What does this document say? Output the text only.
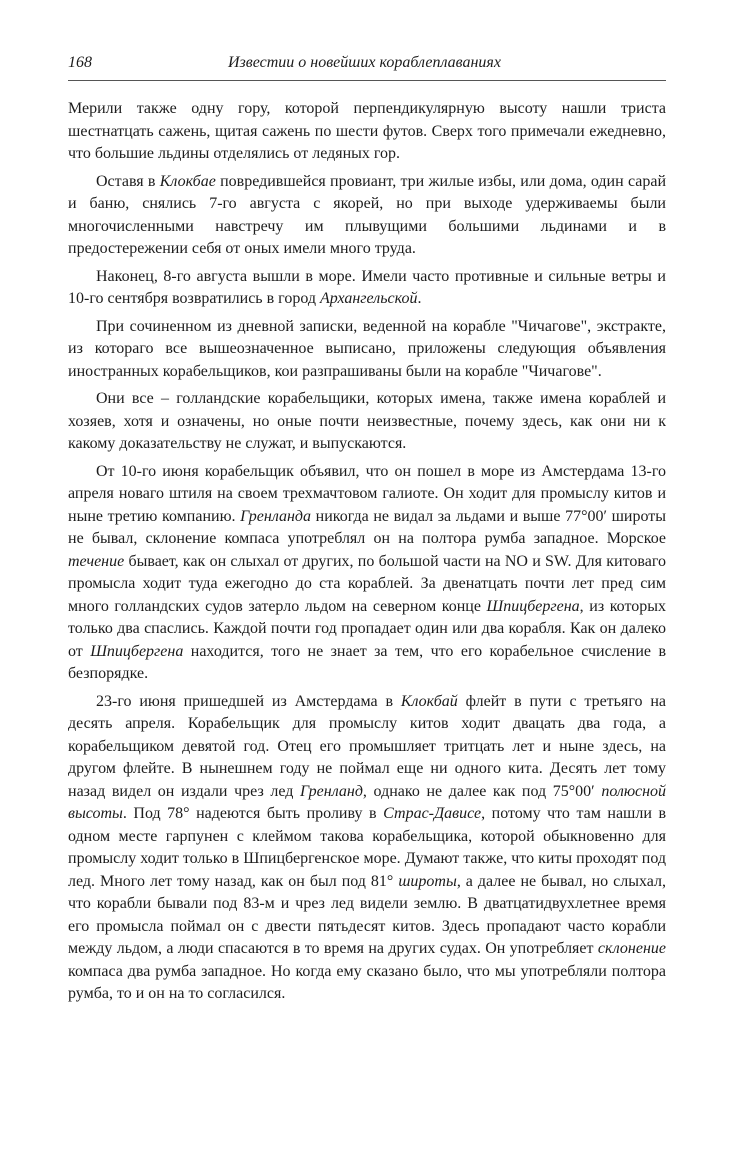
168	Известии о новейших кораблеплаваниях

Мерили также одну гору, которой перпендикулярную высоту нашли триста шестнатцать сажень, щитая сажень по шести футов. Сверх того примечали ежедневно, что большие льдины отделялись от ледяных гор.

Оставя в Клокбае повредившейся провиант, три жилые избы, или дома, один сарай и баню, снялись 7-го августа с якорей, но при выходе удерживаемы были многочисленными навстречу им плывущими большими льдинами и в предостережении себя от оных имели много труда.

Наконец, 8-го августа вышли в море. Имели часто противные и сильные ветры и 10-го сентября возвратились в город Архангельской.

При сочиненном из дневной записки, веденной на корабле "Чичагове", экстракте, из котораго все вышеозначенное выписано, приложены следующия объявления иностранных корабельщиков, кои разпрашиваны были на корабле "Чичагове".

Они все – голландские корабельщики, которых имена, также имена кораблей и хозяев, хотя и означены, но оные почти неизвестные, почему здесь, как они ни к какому доказательству не служат, и выпускаются.

От 10-го июня корабельщик объявил, что он пошел в море из Амстердама 13-го апреля новаго штиля на своем трехмачтовом галиоте. Он ходит для промыслу китов и ныне третию компанию. Гренланда никогда не видал за льдами и выше 77°00′ широты не бывал, склонение компаса употреблял он на полтора румба западное. Морское течение бывает, как он слыхал от других, по большой части на NO и SW. Для китоваго промысла ходит туда ежегодно до ста кораблей. За двенатцать почти лет пред сим много голландских судов затерло льдом на северном конце Шпицбергена, из которых только два спаслись. Каждой почти год пропадает один или два корабля. Как он далеко от Шпицбергена находится, того не знает за тем, что его корабельное счисление в безпорядке.

23-го июня пришедшей из Амстердама в Клокбай флейт в пути с третьяго на десять апреля. Корабельщик для промыслу китов ходит двацать два года, а корабельщиком девятой год. Отец его промышляет тритцать лет и ныне здесь, на другом флейте. В нынешнем году не поймал еще ни одного кита. Десять лет тому назад видел он издали чрез лед Гренланд, однако не далее как под 75°00′ полюсной высоты. Под 78° надеются быть проливу в Страс-Дависе, потому что там нашли в одном месте гарпунен с клеймом такова корабельщика, которой обыкновенно для промыслу ходит только в Шпицбергенское море. Думают также, что киты проходят под лед. Много лет тому назад, как он был под 81° широты, а далее не бывал, но слыхал, что корабли бывали под 83-м и чрез лед видели землю. В дватцатидвухлетнее время его промысла поймал он с двести пятьдесят китов. Здесь пропадают часто корабли между льдом, а люди спасаются в то время на других судах. Он употребляет склонение компаса два румба западное. Но когда ему сказано было, что мы употребляли полтора румба, то и он на то согласился.
